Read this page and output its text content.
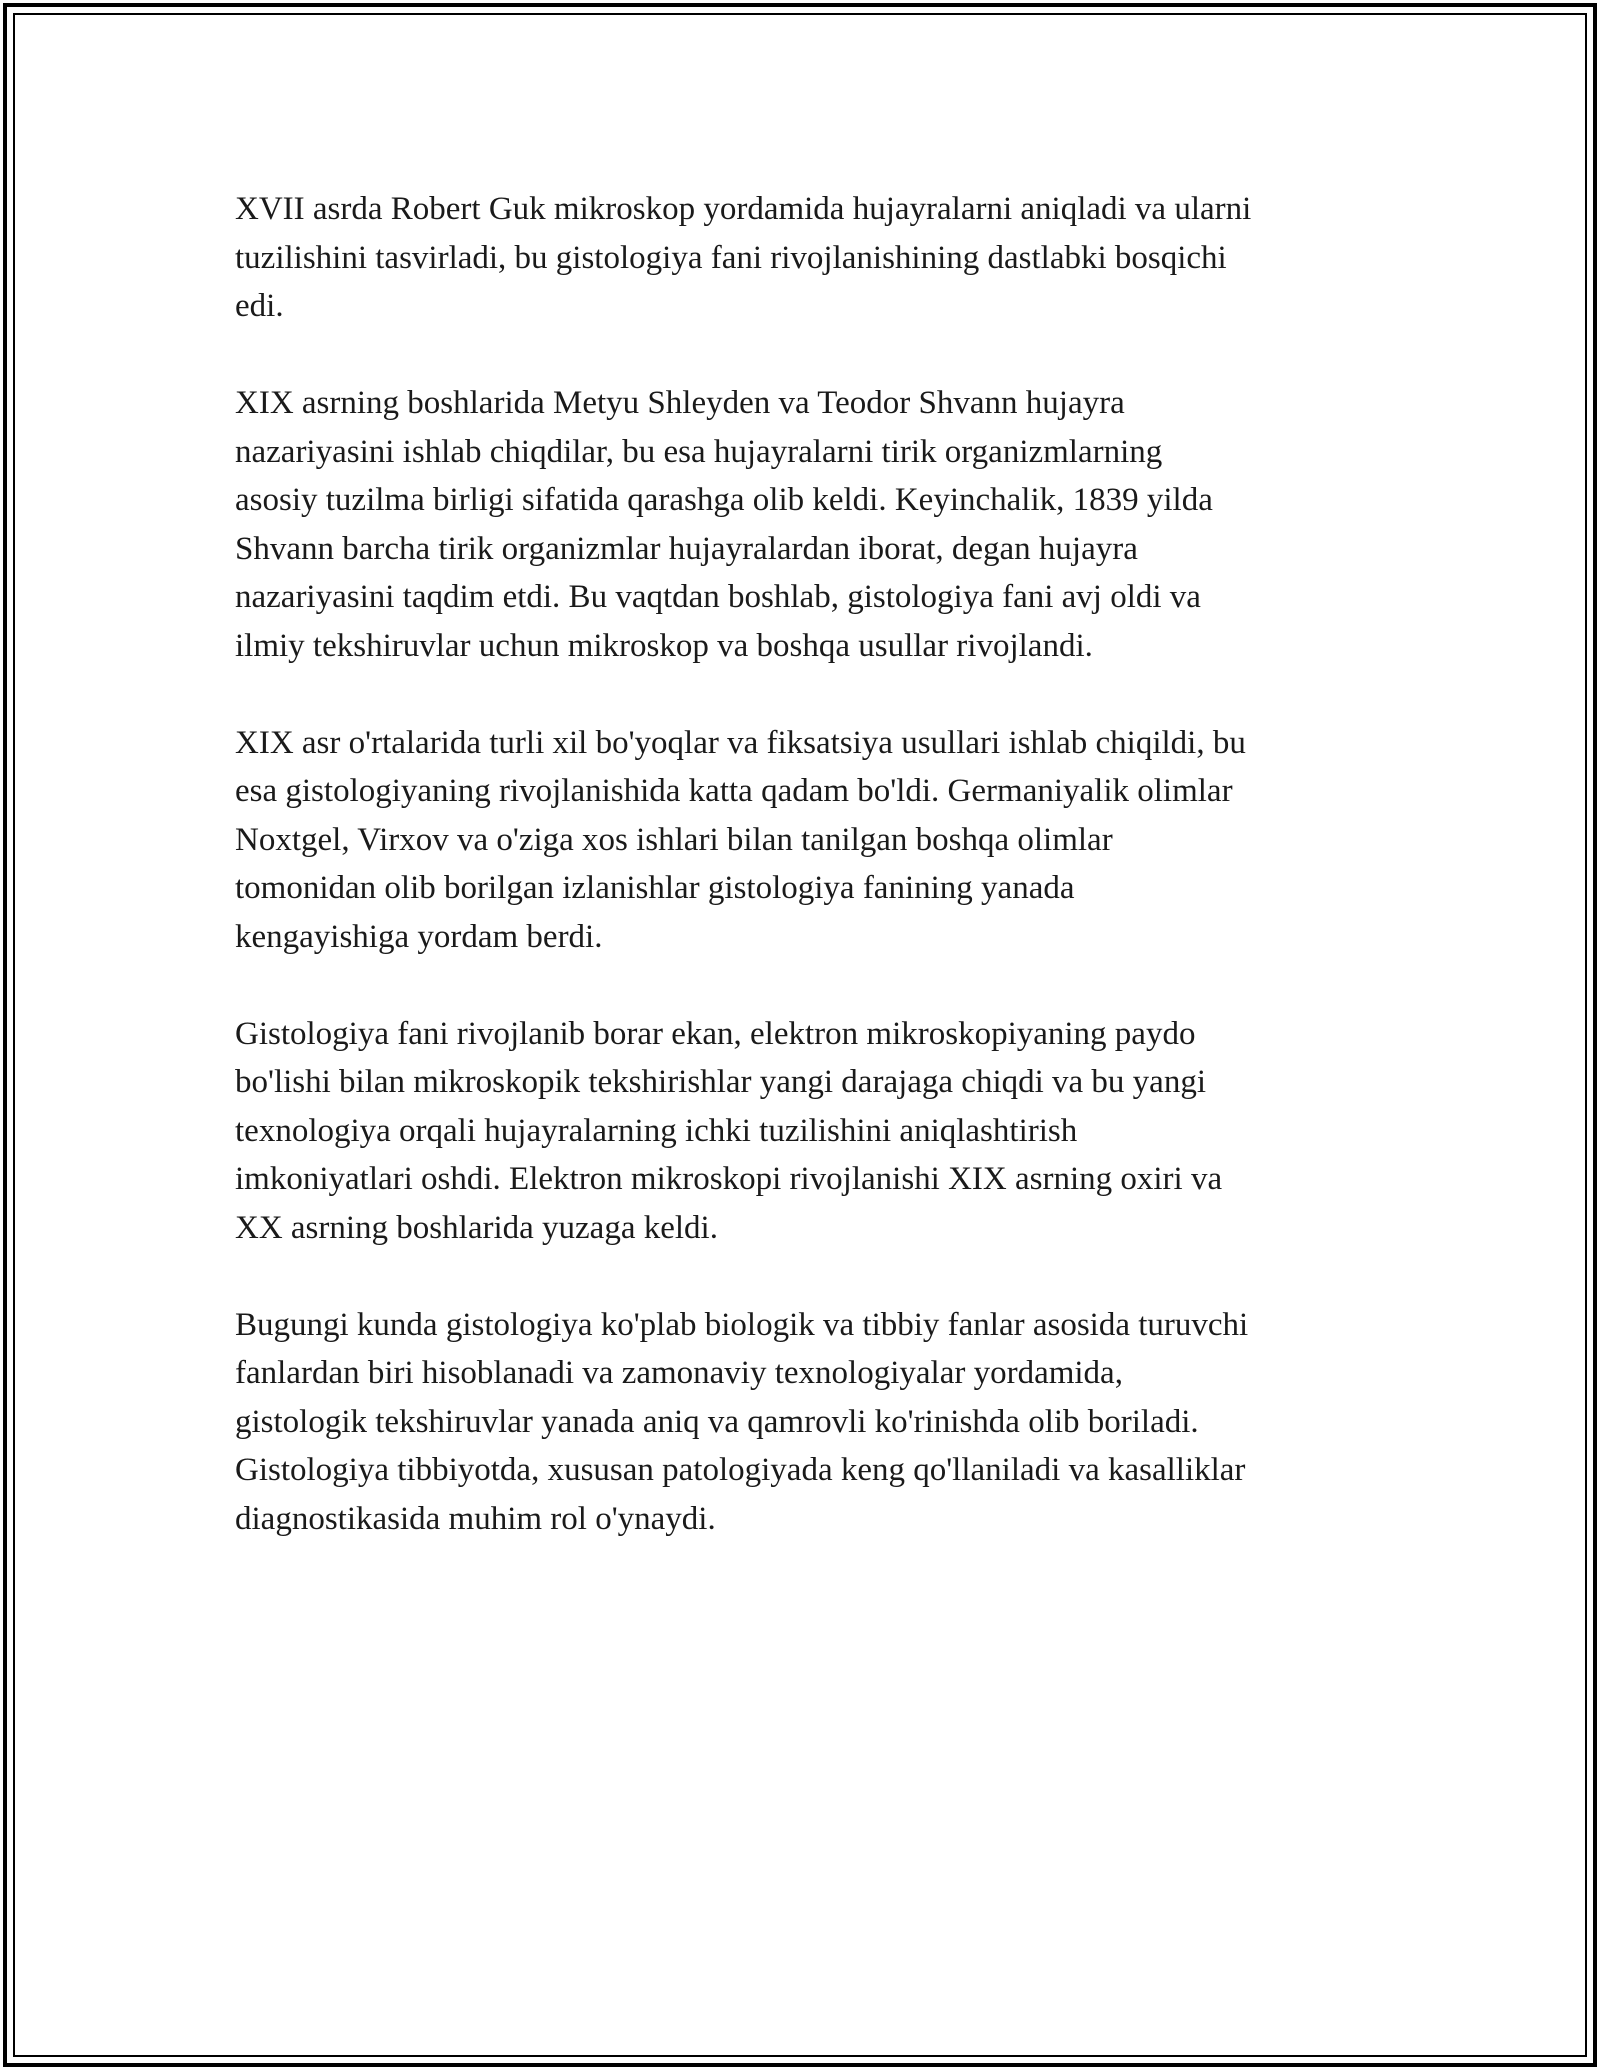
XVII asrda Robert Guk mikroskop yordamida hujayralarni aniqladi va ularni
tuzilishini tasvirladi, bu gistologiya fani rivojlanishining dastlabki bosqichi
edi.

XIX asrning boshlarida Metyu Shleyden va Teodor Shvann hujayra
nazariyasini ishlab chiqdilar, bu esa hujayralarni tirik organizmlarning
asosiy tuzilma birligi sifatida qarashga olib keldi. Keyinchalik, 1839 yilda
Shvann barcha tirik organizmlar hujayralardan iborat, degan hujayra
nazariyasini taqdim etdi. Bu vaqtdan boshlab, gistologiya fani avj oldi va
ilmiy tekshiruvlar uchun mikroskop va boshqa usullar rivojlandi.

XIX asr o'rtalarida turli xil bo'yoqlar va fiksatsiya usullari ishlab chiqildi, bu
esa gistologiyaning rivojlanishida katta qadam bo'ldi. Germaniyalik olimlar
Noxtgel, Virxov va o'ziga xos ishlari bilan tanilgan boshqa olimlar
tomonidan olib borilgan izlanishlar gistologiya fanining yanada
kengayishiga yordam berdi.

Gistologiya fani rivojlanib borar ekan, elektron mikroskopiyaning paydo
bo'lishi bilan mikroskopik tekshirishlar yangi darajaga chiqdi va bu yangi
texnologiya orqali hujayralarning ichki tuzilishini aniqlashtirish
imkoniyatlari oshdi. Elektron mikroskopi rivojlanishi XIX asrning oxiri va
XX asrning boshlarida yuzaga keldi.

Bugungi kunda gistologiya ko'plab biologik va tibbiy fanlar asosida turuvchi
fanlardan biri hisoblanadi va zamonaviy texnologiyalar yordamida,
gistologik tekshiruvlar yanada aniq va qamrovli ko'rinishda olib boriladi.
Gistologiya tibbiyotda, xususan patologiyada keng qo'llaniladi va kasalliklar
diagnostikasida muhim rol o'ynaydi.
